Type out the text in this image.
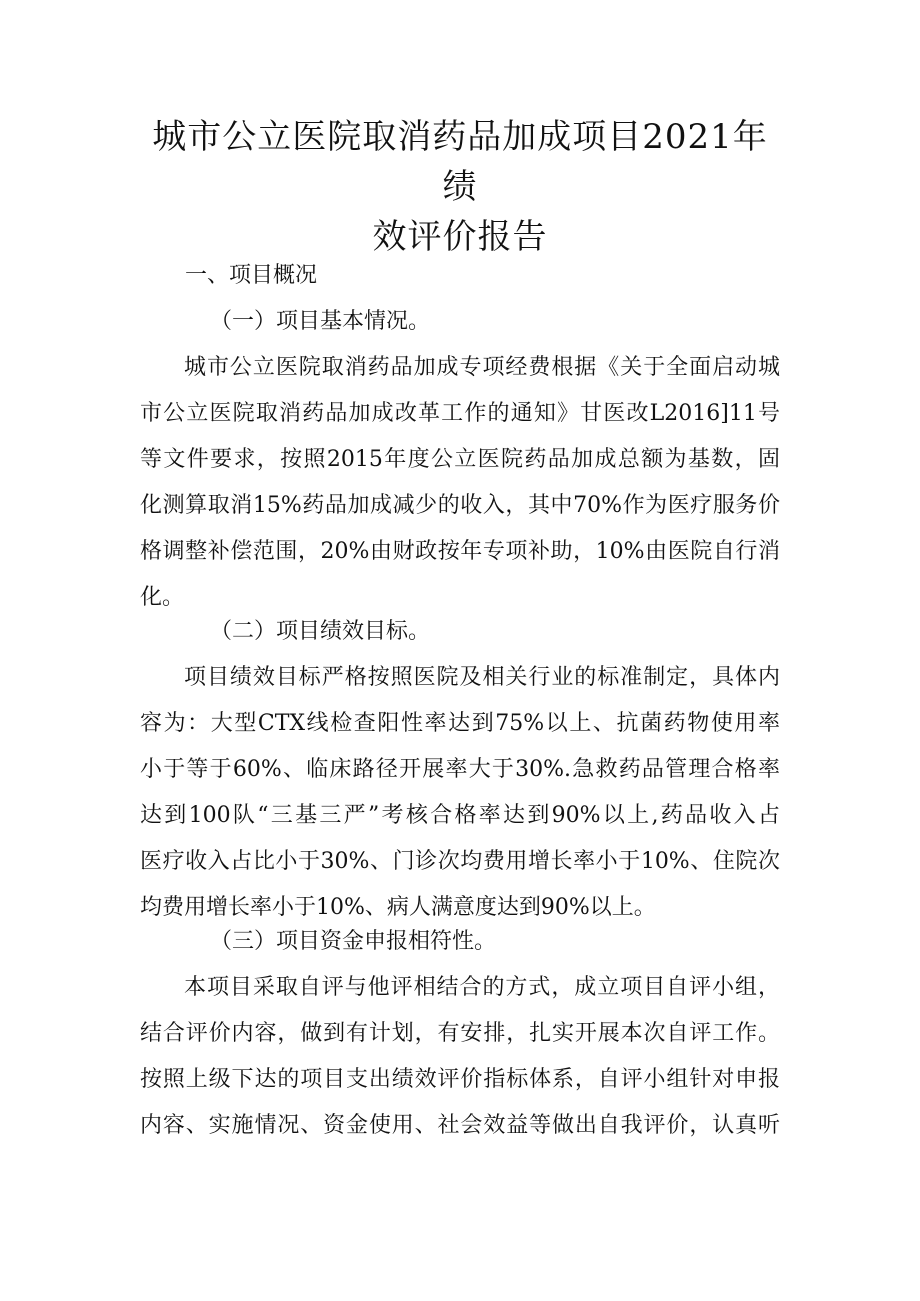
城市公立医院取消药品加成项目2021年绩
效评价报告
一、项目概况
（一）项目基本情况。
城市公立医院取消药品加成专项经费根据《关于全面启动城
市公立医院取消药品加成改革工作的通知》甘医改L2016]11号
等文件要求，按照2015年度公立医院药品加成总额为基数，固
化测算取消15%药品加成减少的收入，其中70%作为医疗服务价
格调整补偿范围，20%由财政按年专项补助，10%由医院自行消
化。
（二）项目绩效目标。
项目绩效目标严格按照医院及相关行业的标准制定，具体内
容为：大型CTX线检查阳性率达到75%以上、抗菌药物使用率
小于等于60%、临床路径开展率大于30%.急救药品管理合格率
达到100队“三基三严”考核合格率达到90%以上,药品收入占
医疗收入占比小于30%、门诊次均费用增长率小于10%、住院次
均费用增长率小于10%、病人满意度达到90%以上。
（三）项目资金申报相符性。
本项目采取自评与他评相结合的方式，成立项目自评小组，
结合评价内容，做到有计划，有安排，扎实开展本次自评工作。
按照上级下达的项目支出绩效评价指标体系，自评小组针对申报
内容、实施情况、资金使用、社会效益等做出自我评价，认真听
